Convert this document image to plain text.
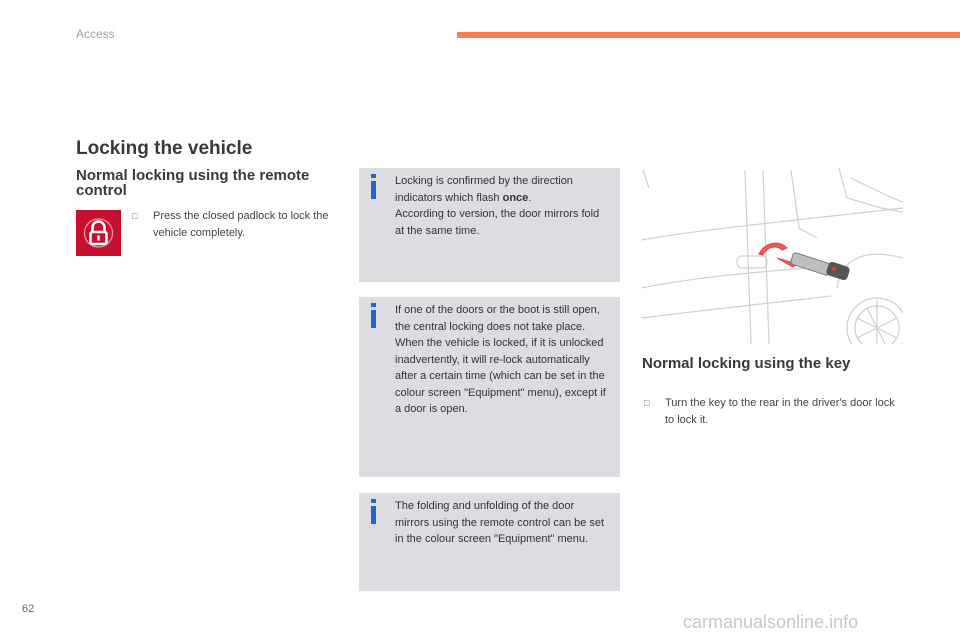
Access
Locking the vehicle
Normal locking using the remote control
□	Press the closed padlock to lock the vehicle completely.
Locking is confirmed by the direction indicators which flash once.
According to version, the door mirrors fold at the same time.
If one of the doors or the boot is still open, the central locking does not take place.
When the vehicle is locked, if it is unlocked inadvertently, it will re-lock automatically after a certain time (which can be set in the colour screen "Equipment" menu), except if a door is open.
The folding and unfolding of the door mirrors using the remote control can be set in the colour screen "Equipment" menu.
Normal locking using the key
□	Turn the key to the rear in the driver's door lock to lock it.
62
carmanualsonline.info
